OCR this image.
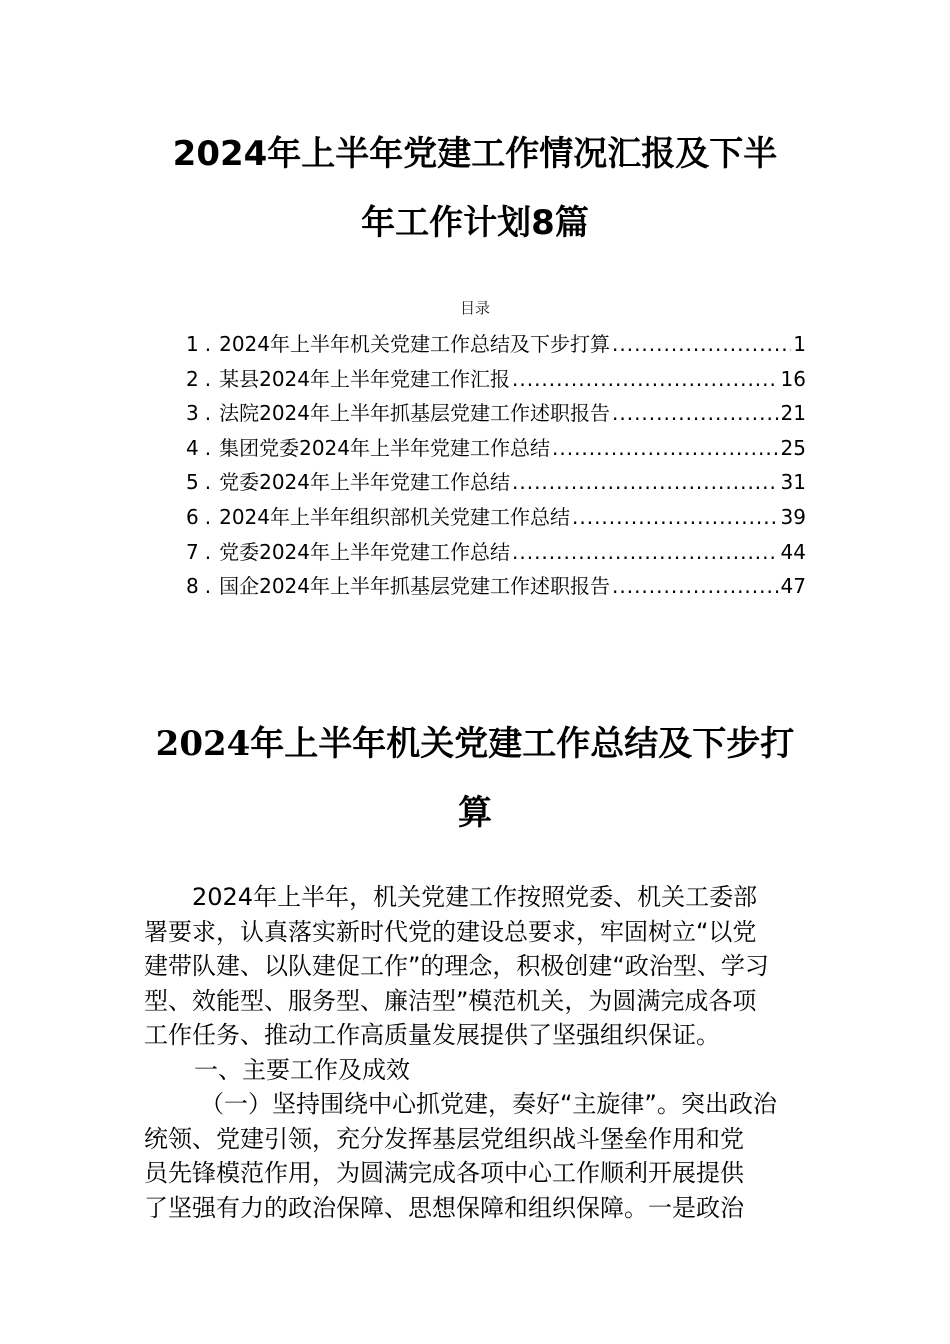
2024年上半年党建工作情况汇报及下半
年工作计划8篇
目录
1 . 2024年上半年机关党建工作总结及下步打算 .....	1
2 . 某县2024年上半年党建工作汇报 .....	16
3 . 法院2024年上半年抓基层党建工作述职报告 .....	21
4 . 集团党委2024年上半年党建工作总结 .....	25
5 . 党委2024年上半年党建工作总结 .....	31
6 . 2024年上半年组织部机关党建工作总结 .....	39
7 . 党委2024年上半年党建工作总结 .....	44
8 . 国企2024年上半年抓基层党建工作述职报告 .....	47
2024年上半年机关党建工作总结及下步打
算

2024年上半年，机关党建工作按照党委、机关工委部
署要求，认真落实新时代党的建设总要求，牢固树立“以党
建带队建、以队建促工作”的理念，积极创建“政治型、学习
型、效能型、服务型、廉洁型”模范机关，为圆满完成各项
工作任务、推动工作高质量发展提供了坚强组织保证。

一、主要工作及成效

（一）坚持围绕中心抓党建，奏好“主旋律”。突出政治
统领、党建引领，充分发挥基层党组织战斗堡垒作用和党
员先锋模范作用，为圆满完成各项中心工作顺利开展提供
了坚强有力的政治保障、思想保障和组织保障。一是政治
